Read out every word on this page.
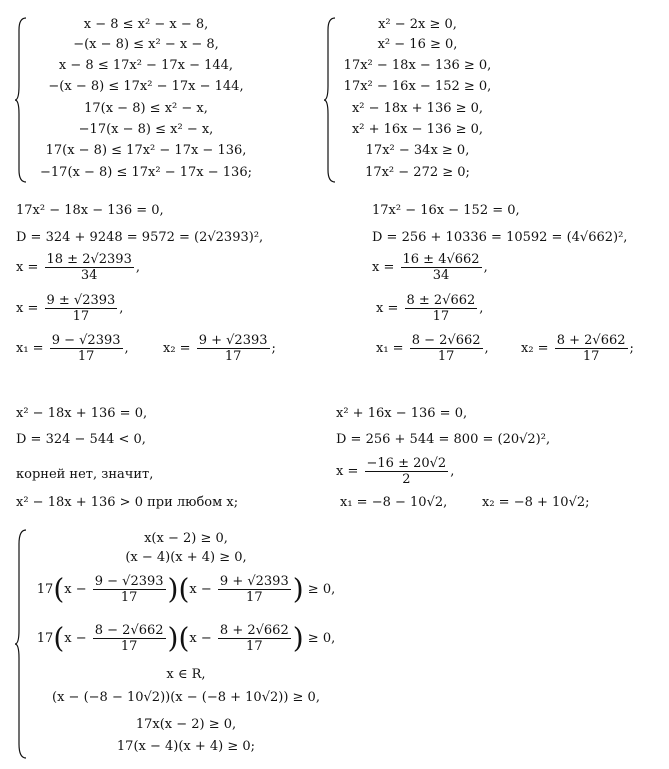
x − 8 ≤ x² − x − 8,
−(x − 8) ≤ x² − x − 8,
x − 8 ≤ 17x² − 17x − 144,
−(x − 8) ≤ 17x² − 17x − 144,
17(x − 8) ≤ x² − x,
−17(x − 8) ≤ x² − x,
17(x − 8) ≤ 17x² − 17x − 136,
−17(x − 8) ≤ 17x² − 17x − 136;
x² − 2x ≥ 0,
x² − 16 ≥ 0,
17x² − 18x − 136 ≥ 0,
17x² − 16x − 152 ≥ 0,
x² − 18x + 136 ≥ 0,
x² + 16x − 136 ≥ 0,
17x² − 34x ≥ 0,
17x² − 272 ≥ 0;
17x² − 18x − 136 = 0,
D = 324 + 9248 = 9572 = (2√2393)²,
$x = \frac{18 \pm 2√2393}{34}$ ,
$x = \frac{9 \pm √2393}{17}$ ,
$x_1 = \frac{9 - √2393}{17}$ ,	$x_2 = \frac{9 + √2393}{17}$ ;
17x² − 16x − 152 = 0,
D = 256 + 10336 = 10592 = (4√662)²,
$x = \frac{16 \pm 4√662}{34}$ ,
$x = \frac{8 \pm 2√662}{17}$ ,
$x_1 = \frac{8 - 2√662}{17}$ , $x_2 = \frac{8 + 2√662}{17}$ ;
x² − 18x + 136 = 0,
D = 324 − 544 < 0,
корней нет, значит,
x² − 18x + 136 > 0 при любом x;
x² + 16x − 136 = 0,
D = 256 + 544 = 800 = (20√2)²,
$x = \frac{-16 \pm 20√2}{2}$ ,
x₁ = −8 − 10√2,	x₂ = −8 + 10√2;
x(x − 2) ≥ 0,
(x − 4)(x + 4) ≥ 0,
$17(x - \frac{9 - √2393}{17} )(x - \frac{9 + √2393}{17}$ ) ≥ 0,
$17(x - \frac{8 - 2√662}{17} )(x - \frac{8 + 2√662}{17}$ ) ≥ 0,
x ∈ R,
(x − (−8 − 10√2))(x − (−8 + 10√2)) ≥ 0,
17x(x − 2) ≥ 0,
17(x − 4)(x + 4) ≥ 0;
